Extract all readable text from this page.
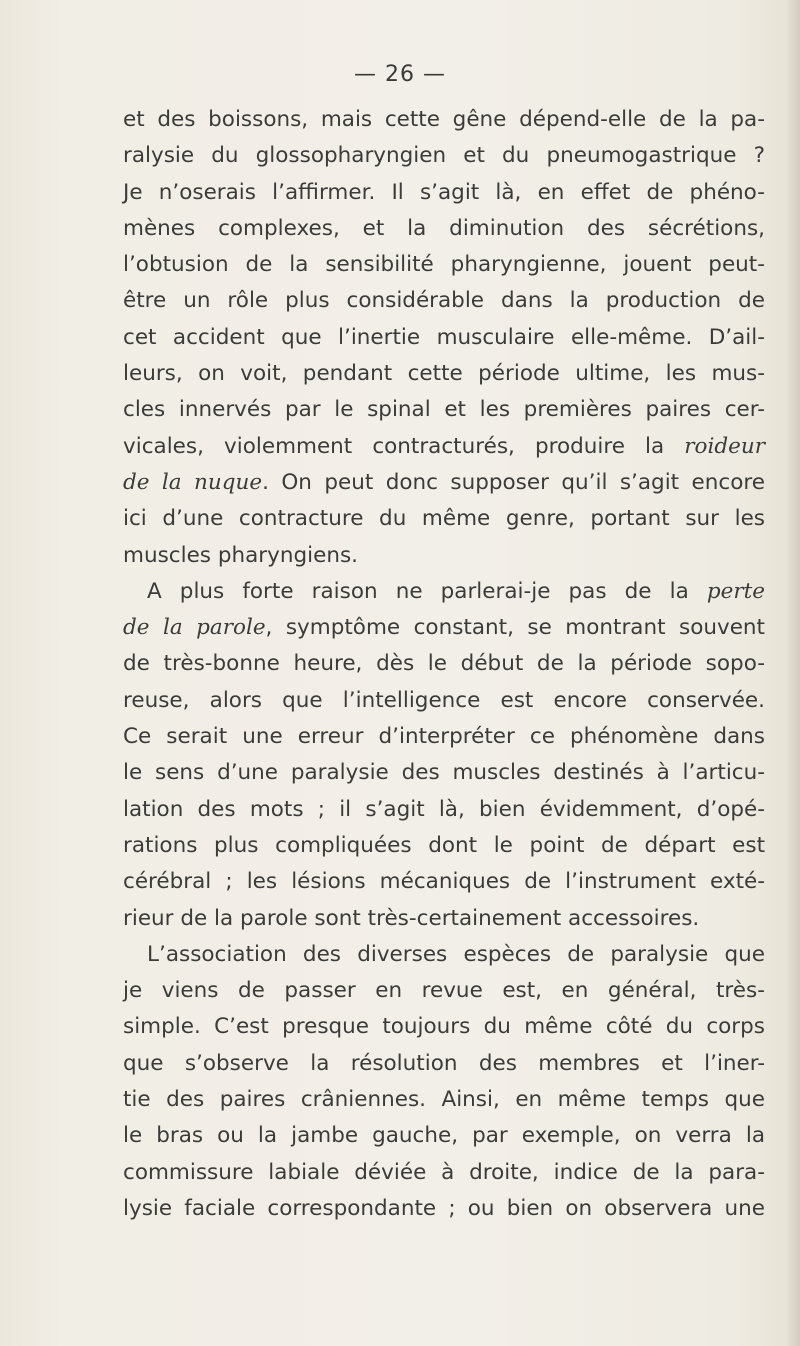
— 26 —
et des boissons, mais cette gêne dépend-elle de la pa-
ralysie du glossopharyngien et du pneumogastrique ?
Je n’oserais l’affirmer. Il s’agit là, en effet de phéno-
mènes complexes, et la diminution des sécrétions,
l’obtusion de la sensibilité pharyngienne, jouent peut-
être un rôle plus considérable dans la production de
cet accident que l’inertie musculaire elle-même. D’ail-
leurs, on voit, pendant cette période ultime, les mus-
cles innervés par le spinal et les premières paires cer-
vicales, violemment contracturés, produire la roideur
de la nuque. On peut donc supposer qu’il s’agit encore
ici d’une contracture du même genre, portant sur les
muscles pharyngiens.
A plus forte raison ne parlerai-je pas de la perte
de la parole, symptôme constant, se montrant souvent
de très-bonne heure, dès le début de la période sopo-
reuse, alors que l’intelligence est encore conservée.
Ce serait une erreur d’interpréter ce phénomène dans
le sens d’une paralysie des muscles destinés à l’articu-
lation des mots ; il s’agit là, bien évidemment, d’opé-
rations plus compliquées dont le point de départ est
cérébral ; les lésions mécaniques de l’instrument exté-
rieur de la parole sont très-certainement accessoires.
L’association des diverses espèces de paralysie que
je viens de passer en revue est, en général, très-
simple. C’est presque toujours du même côté du corps
que s’observe la résolution des membres et l’iner-
tie des paires crâniennes. Ainsi, en même temps que
le bras ou la jambe gauche, par exemple, on verra la
commissure labiale déviée à droite, indice de la para-
lysie faciale correspondante ; ou bien on observera une
